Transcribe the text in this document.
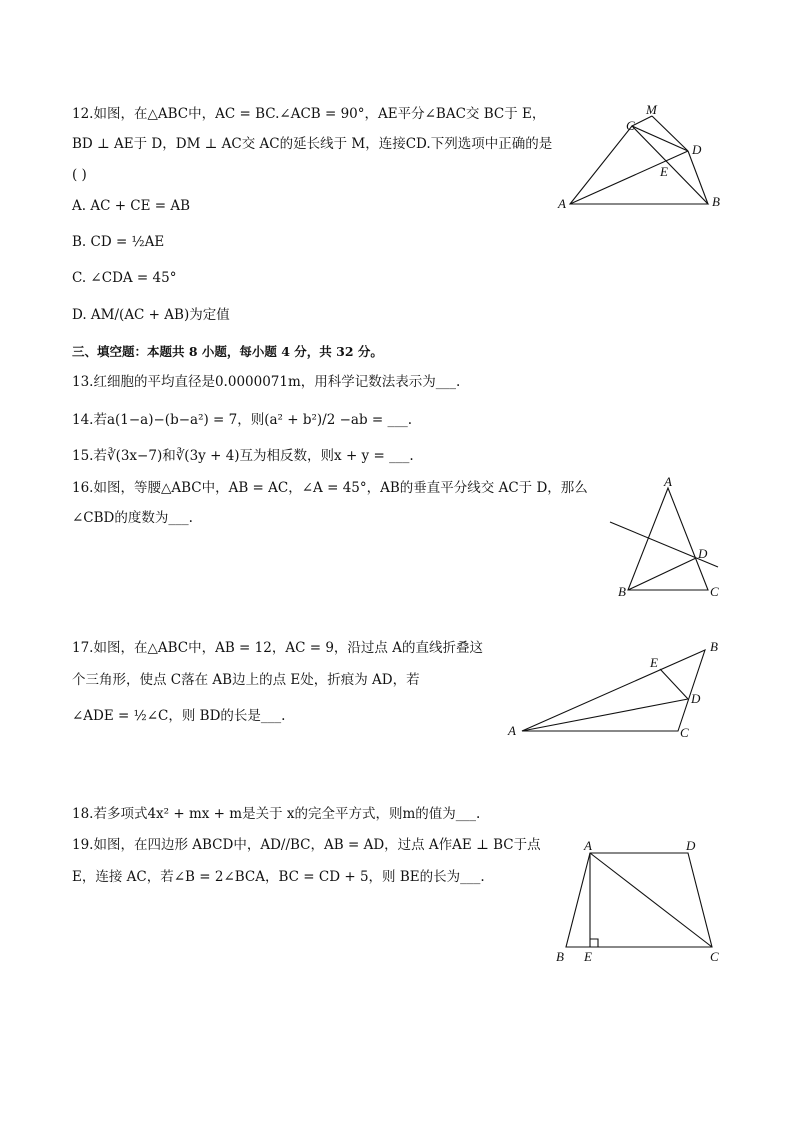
12.如图，在△ABC中，AC = BC.∠ACB = 90°，AE平分∠BAC交 BC于 E，
BD ⊥ AE于 D，DM ⊥ AC交 AC的延长线于 M，连接CD.下列选项中正确的是
( )
A. AC + CE = AB
B. CD = ½AE
C. ∠CDA = 45°
D. AM/(AC + AB)为定值
A	B
C
D
E
M
三、填空题：本题共 8 小题，每小题 4 分，共 32 分。
13.红细胞的平均直径是0.0000071m，用科学记数法表示为___.
14.若a(1−a)−(b−a²) = 7，则(a² + b²)/2 −ab = ___.
15.若∛(3x−7)和∛(3y + 4)互为相反数，则x + y = ___.
16.如图，等腰△ABC中，AB = AC，∠A = 45°，AB的垂直平分线交 AC于 D，那么
∠CBD的度数为___.
A
B	C
D
17.如图，在△ABC中，AB = 12，AC = 9，沿过点 A的直线折叠这
个三角形，使点 C落在 AB边上的点 E处，折痕为 AD，若
∠ADE = ½∠C，则 BD的长是___.
A
B
C
D
E
18.若多项式4x² + mx + m是关于 x的完全平方式，则m的值为___.
19.如图，在四边形 ABCD中，AD//BC，AB = AD，过点 A作AE ⊥ BC于点
E，连接 AC，若∠B = 2∠BCA，BC = CD + 5，则 BE的长为___.
A
B	C
D
E
